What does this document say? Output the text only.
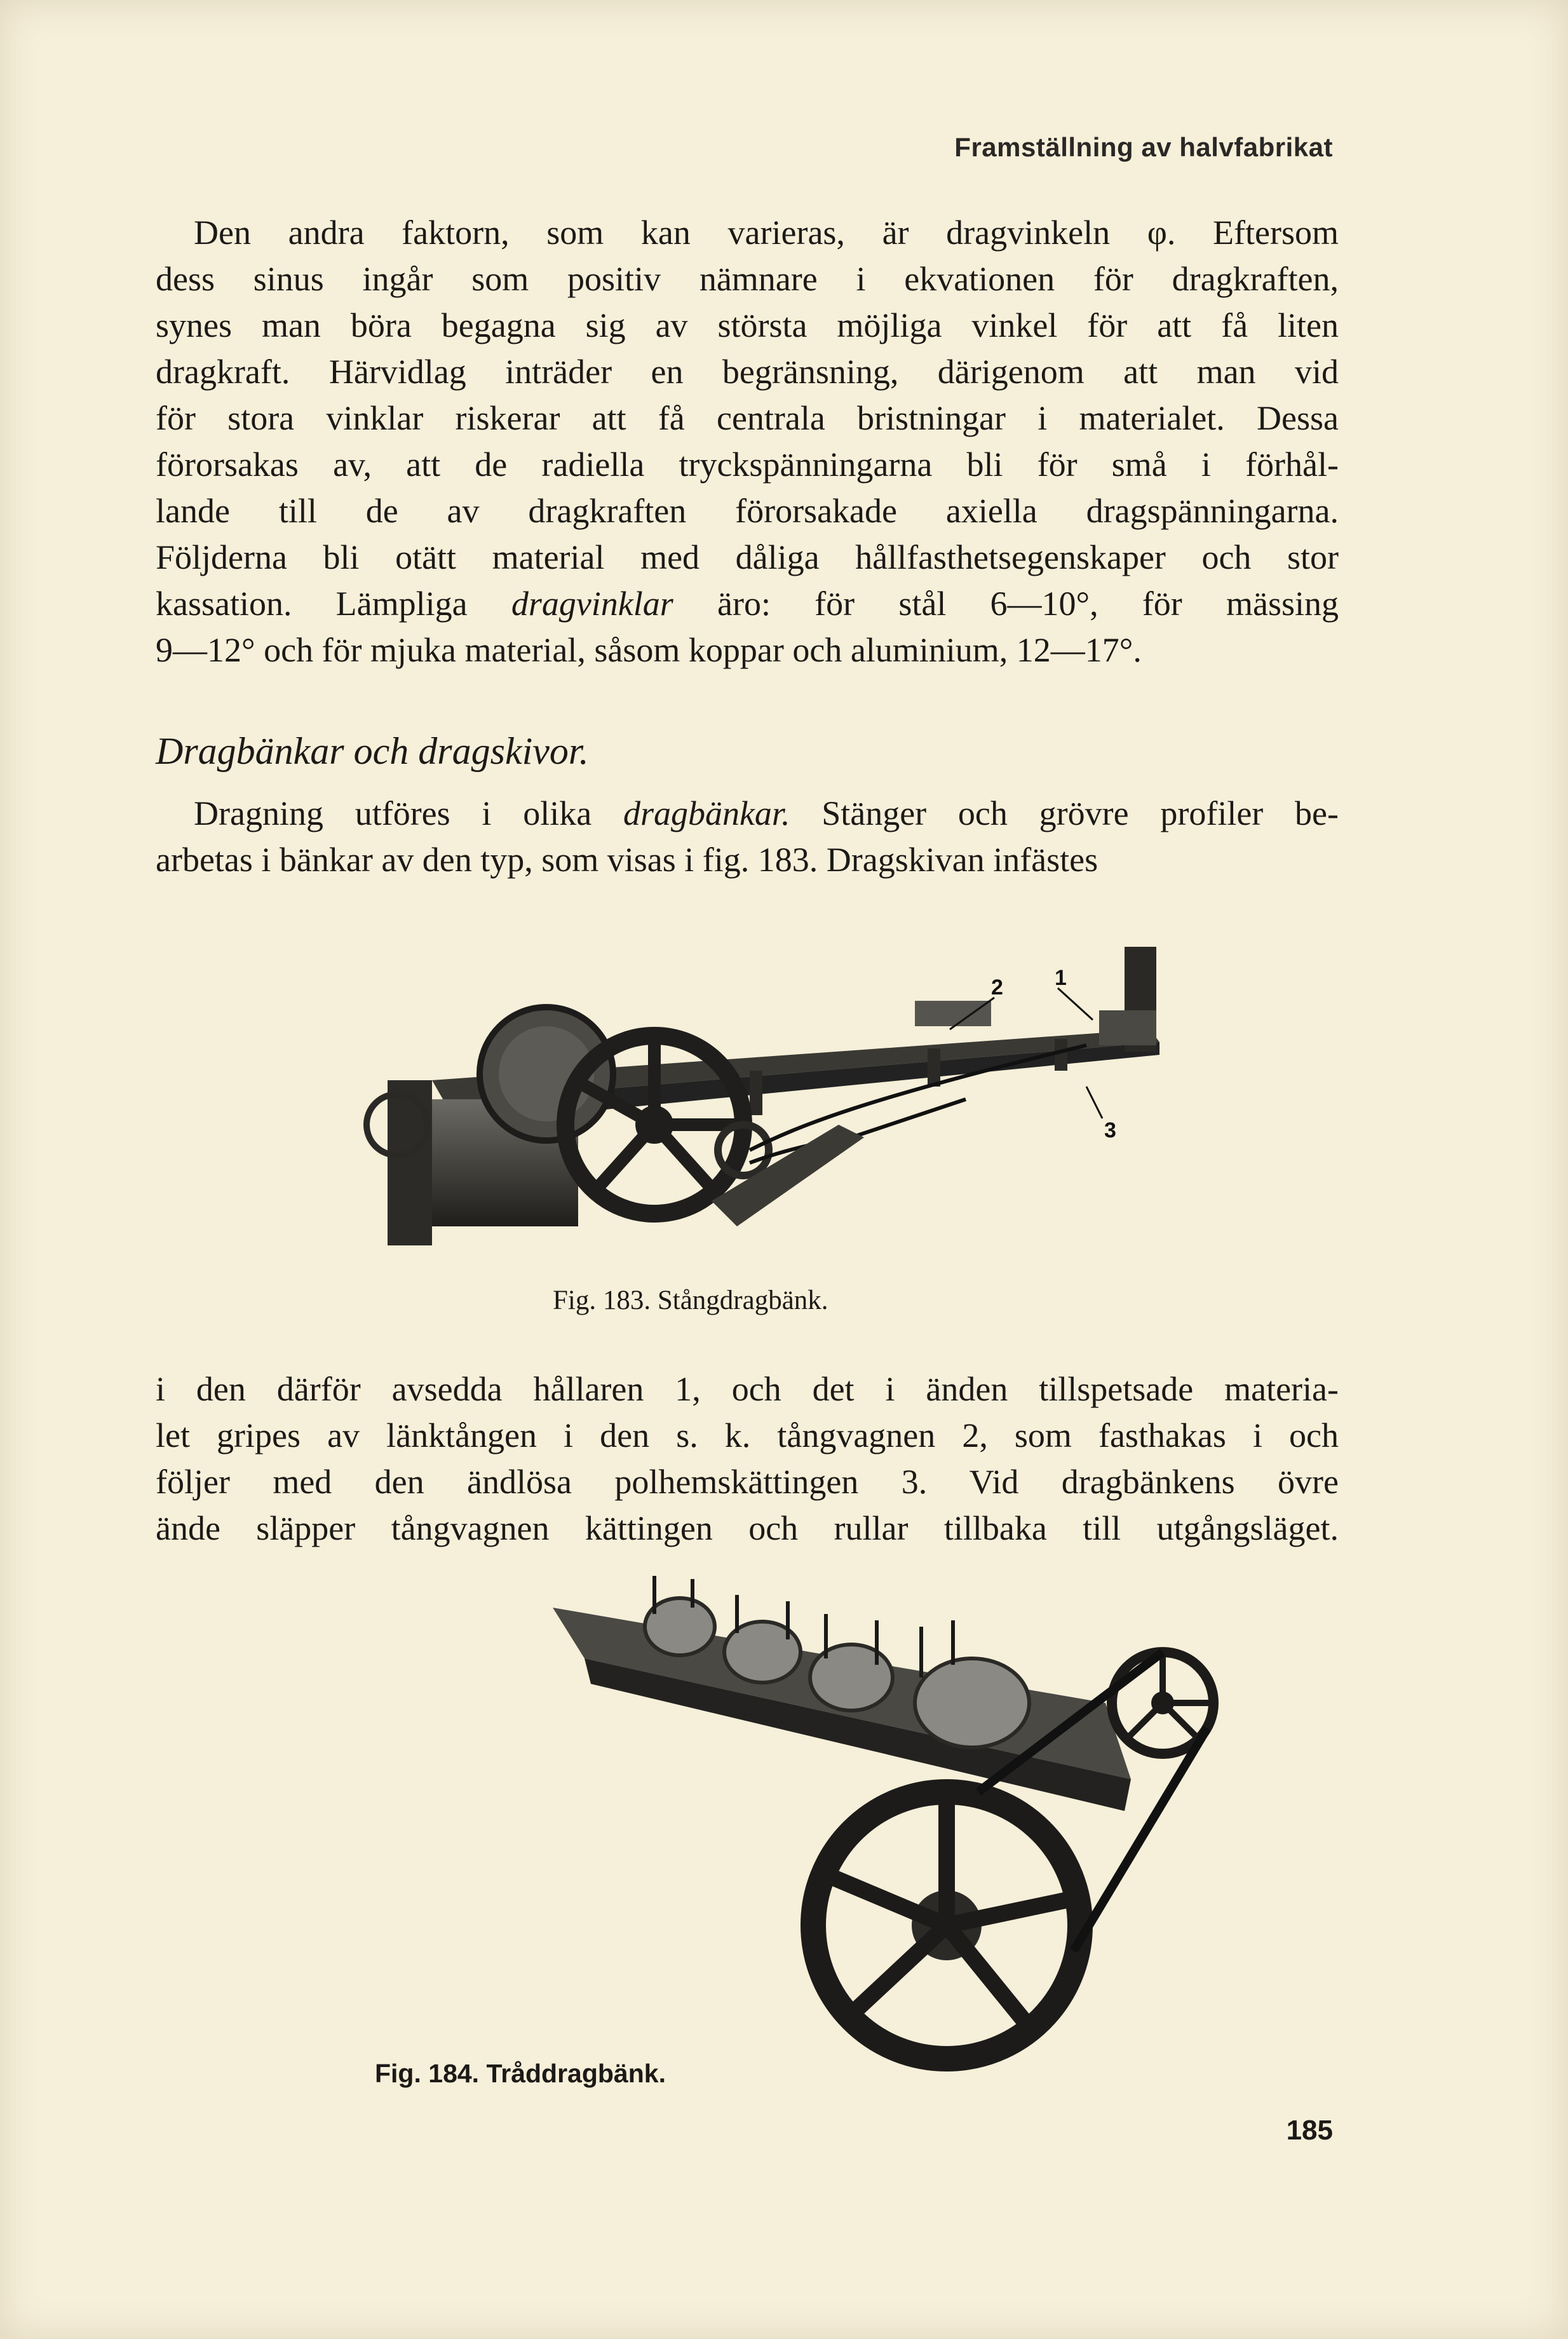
Framställning av halvfabrikat

Den andra faktorn, som kan varieras, är dragvinkeln φ. Eftersom
dess sinus ingår som positiv nämnare i ekvationen för dragkraften,
synes man böra begagna sig av största möjliga vinkel för att få liten
dragkraft. Härvidlag inträder en begränsning, därigenom att man vid
för stora vinklar riskerar att få centrala bristningar i materialet. Dessa
förorsakas av, att de radiella tryckspänningarna bli för små i förhål-
lande till de av dragkraften förorsakade axiella dragspänningarna.
Följderna bli otätt material med dåliga hållfasthetsegenskaper och stor
kassation. Lämpliga dragvinklar äro: för stål 6—10°, för mässing
9—12° och för mjuka material, såsom koppar och aluminium, 12—17°.

Dragbänkar och dragskivor.

Dragning utföres i olika dragbänkar. Stänger och grövre profiler be-
arbetas i bänkar av den typ, som visas i fig. 183. Dragskivan infästes

1
2
3
Fig. 183. Stångdragbänk.

i den därför avsedda hållaren 1, och det i änden tillspetsade materia-
let gripes av länktången i den s. k. tångvagnen 2, som fasthakas i och
följer med den ändlösa polhemskättingen 3. Vid dragbänkens övre
ände släpper tångvagnen kättingen och rullar tillbaka till utgångsläget.

Fig. 184. Tråddragbänk.
185
